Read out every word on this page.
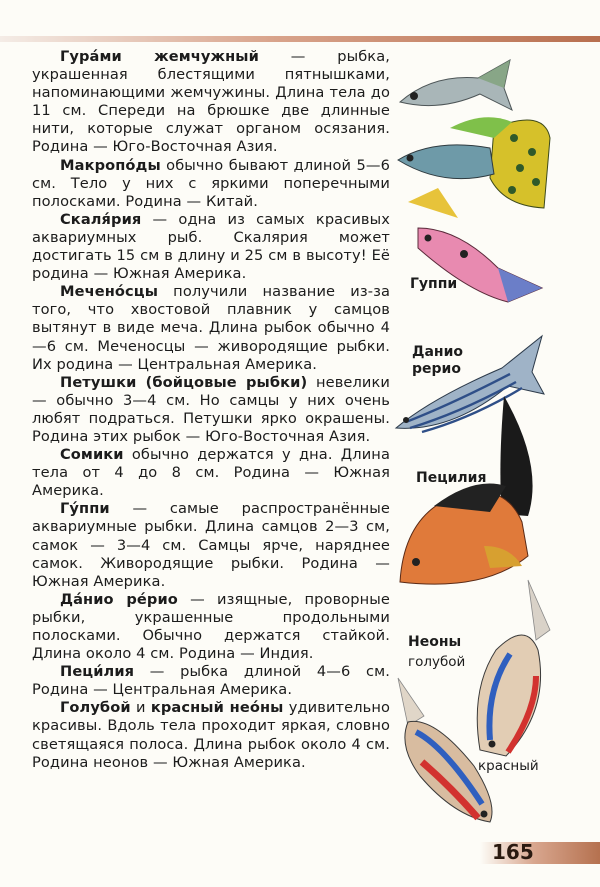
Гура́ми жемчужный — рыбка, украшенная блестящими пятнышками, напоминающими жемчужины. Длина тела до 11 см. Спереди на брюшке две длинные нити, которые служат органом осязания. Родина — Юго-Восточная Азия.

Макропо́ды обычно бывают длиной 5—6 см. Тело у них с яркими поперечными полосками. Родина — Китай.

Скаля́рия — одна из самых красивых аквариумных рыб. Скалярия может достигать 15 см в длину и 25 см в высоту! Её родина — Южная Америка.

Мечено́сцы получили название из-за того, что хвостовой плавник у самцов вытянут в виде меча. Длина рыбок обычно 4—6 см. Меченосцы — живородящие рыбки. Их родина — Центральная Америка.

Петушки (бойцовые рыбки) невелики — обычно 3—4 см. Но самцы у них очень любят подраться. Петушки ярко окрашены. Родина этих рыбок — Юго-Восточная Азия.

Сомики обычно держатся у дна. Длина тела от 4 до 8 см. Родина — Южная Америка.

Гу́ппи — самые распространённые аквариумные рыбки. Длина самцов 2—3 см, самок — 3—4 см. Самцы ярче, наряднее самок. Живородящие рыбки. Родина — Южная Америка.

Да́нио ре́рио — изящные, проворные рыбки, украшенные продольными полосками. Обычно держатся стайкой. Длина около 4 см. Родина — Индия.

Пеци́лия — рыбка длиной 4—6 см. Родина — Центральная Америка.

Голубой и красный нео́ны удивительно красивы. Вдоль тела проходит яркая, словно светящаяся полоса. Длина рыбок около 4 см. Родина неонов — Южная Америка.

Гуппи
Данио
рерио
Пецилия
Неоны
голубой
красный
165
